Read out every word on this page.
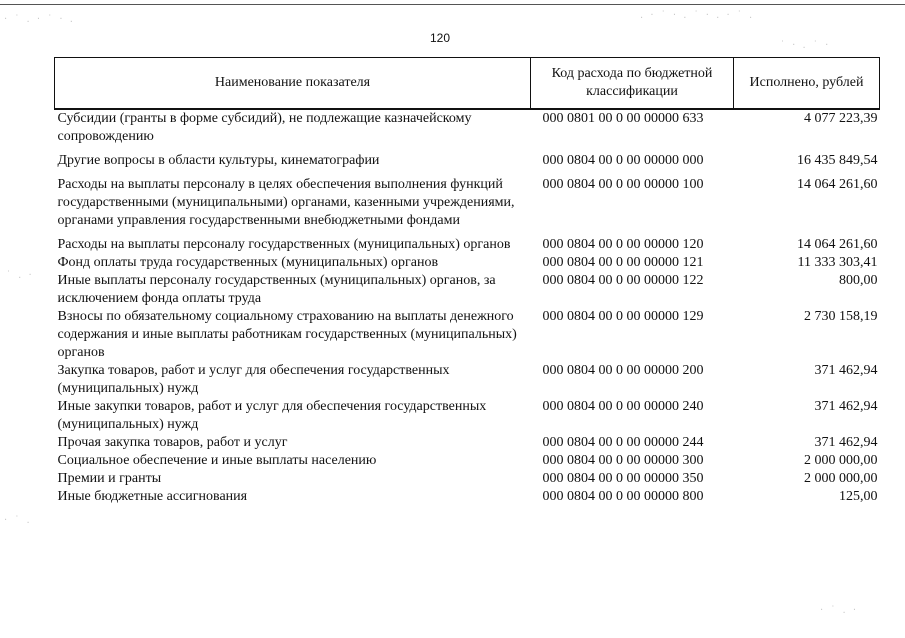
. · ˙ · . ˙ · . · ˙ .
· ˙ . · ˙ · .
˙ · . ˙ ·
˙ . ·
· ˙ .
· ˙ . ·
120
Наименование показателя	Код расхода по бюджетной классификации	Исполнено, рублей
Субсидии (гранты в форме субсидий), не подлежащие казначейскому сопровождению	000 0801 00 0 00 00000 633	4 077 223,39
Другие вопросы в области культуры, кинематографии	000 0804 00 0 00 00000 000	16 435 849,54
Расходы на выплаты персоналу в целях обеспечения выполнения функций государственными (муниципальными) органами, казенными учреждениями, органами управления государственными внебюджетными фондами	000 0804 00 0 00 00000 100	14 064 261,60
Расходы на выплаты персоналу государственных (муниципальных) органов	000 0804 00 0 00 00000 120	14 064 261,60
Фонд оплаты труда государственных (муниципальных) органов	000 0804 00 0 00 00000 121	11 333 303,41
Иные выплаты персоналу государственных (муниципальных) органов, за исключением фонда оплаты труда	000 0804 00 0 00 00000 122	800,00
Взносы по обязательному социальному страхованию на выплаты денежного содержания и иные выплаты работникам государственных (муниципальных) органов	000 0804 00 0 00 00000 129	2 730 158,19
Закупка товаров, работ и услуг для обеспечения государственных (муниципальных) нужд	000 0804 00 0 00 00000 200	371 462,94
Иные закупки товаров, работ и услуг для обеспечения государственных (муниципальных) нужд	000 0804 00 0 00 00000 240	371 462,94
Прочая закупка товаров, работ и услуг	000 0804 00 0 00 00000 244	371 462,94
Социальное обеспечение и иные выплаты населению	000 0804 00 0 00 00000 300	2 000 000,00
Премии и гранты	000 0804 00 0 00 00000 350	2 000 000,00
Иные бюджетные ассигнования	000 0804 00 0 00 00000 800	125,00
